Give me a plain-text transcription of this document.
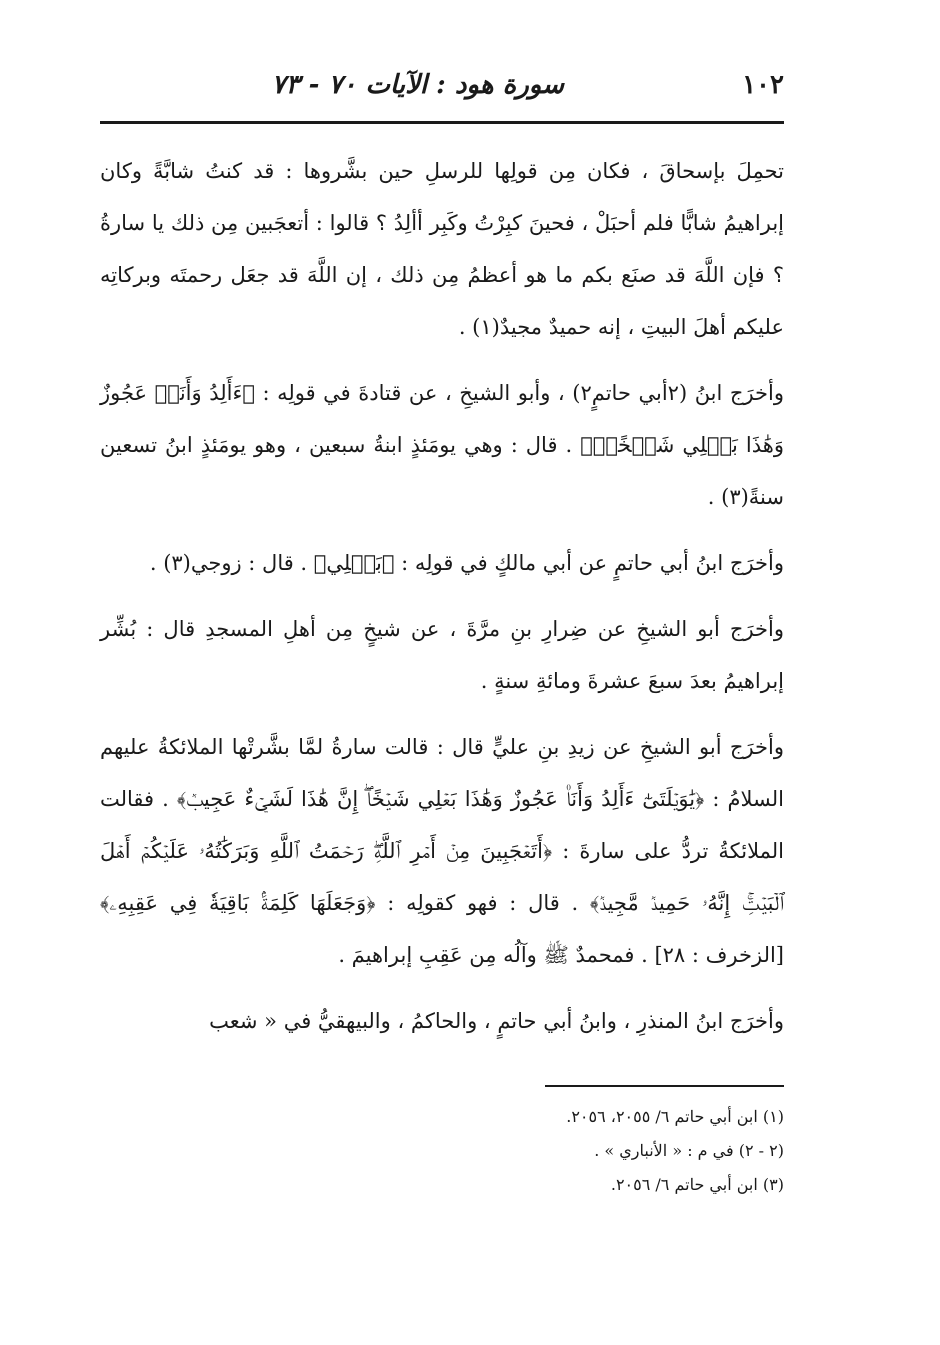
١٠٢
سورة هود : الآيات ٧٠ - ٧٣

تحمِلَ بإسحاقَ ، فكان مِن قولِها للرسلِ حين بشَّروها : قد كنتُ شابَّةً وكان إبراهيمُ شابًّا فلم أحبَلْ ، فحينَ كبِرْتُ وكَبِر أألِدُ ؟ قالوا : أتعجَبين مِن ذلك يا سارةُ ؟ فإن اللَّهَ قد صنَع بكم ما هو أعظمُ مِن ذلك ، إن اللَّهَ قد جعَل رحمتَه وبركاتِه عليكم أهلَ البيتِ ، إنه حميدٌ مجيدٌ(١) .

وأخرَج ابنُ (٢أبي حاتمٍ٢) ، وأبو الشيخِ ، عن قتادةَ في قولِه : ﴿ءَأَلِدُ وَأَنَا۠ عَجُوزٌ وَهَٰذَا بَعۡلِي شَيۡخًاۖ﴾ . قال : وهي يومَئذٍ ابنةُ سبعين ، وهو يومَئذٍ ابنُ تسعين سنةً(٣) .

وأخرَج ابنُ أبي حاتمٍ عن أبي مالكٍ في قولِه : ﴿بَعۡلِي﴾ . قال : زوجي(٣) .

وأخرَج أبو الشيخِ عن ضِرارِ بنِ مرَّةَ ، عن شيخٍ مِن أهلِ المسجدِ قال : بُشِّر إبراهيمُ بعدَ سبعَ عشرةَ ومائةِ سنةٍ .

وأخرَج أبو الشيخِ عن زيدِ بنِ عليٍّ قال : قالت سارةُ لمَّا بشَّرتْها الملائكةُ عليهم السلامُ : ﴿يَٰوَيۡلَتَىٰٓ ءَأَلِدُ وَأَنَا۠ عَجُوزٌ وَهَٰذَا بَعۡلِي شَيۡخًاۖ إِنَّ هَٰذَا لَشَيۡءٌ عَجِيبٞ﴾ . فقالت الملائكةُ تردُّ على سارةَ : ﴿أَتَعۡجَبِينَ مِنۡ أَمۡرِ ٱللَّهِۖ رَحۡمَتُ ٱللَّهِ وَبَرَكَٰتُهُۥ عَلَيۡكُمۡ أَهۡلَ ٱلۡبَيۡتِۚ إِنَّهُۥ حَمِيدٞ مَّجِيدٞ﴾ . قال : فهو كقولِه : ﴿وَجَعَلَهَا كَلِمَةَۢ بَاقِيَةٗ فِي عَقِبِهِۦ﴾ [الزخرف : ٢٨] . فمحمدٌ ﷺ وآلُه مِن عَقِبِ إبراهيمَ .

وأخرَج ابنُ المنذرِ ، وابنُ أبي حاتمٍ ، والحاكمُ ، والبيهقيُّ في « شعب

(١) ابن أبي حاتم ٦/ ٢٠٥٥، ٢٠٥٦.
(٢ - ٢) في م : « الأنباري » .
(٣) ابن أبي حاتم ٦/ ٢٠٥٦.
